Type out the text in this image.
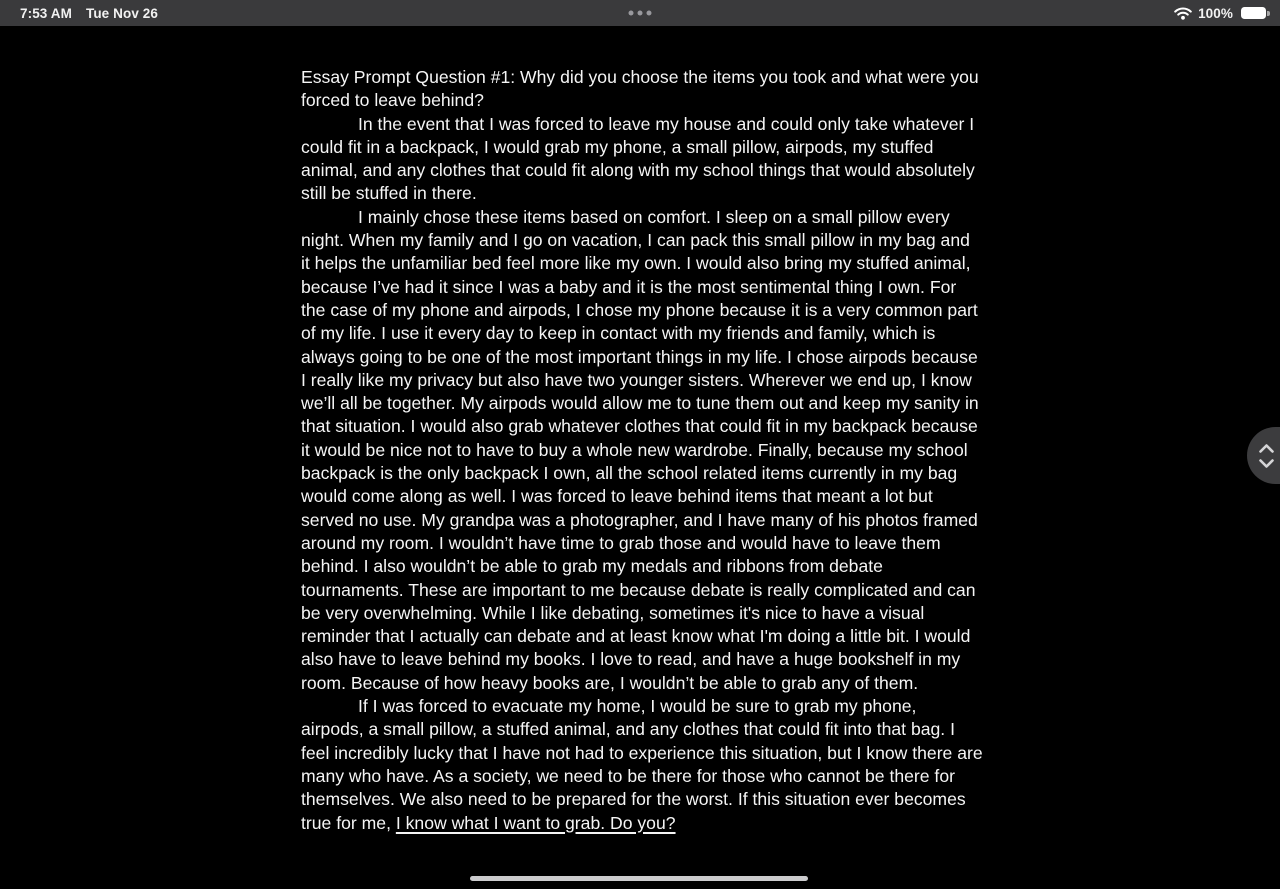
7:53 AM Tue Nov 26	100%

Essay Prompt Question #1: Why did you choose the items you took and what were you forced to leave behind?

In the event that I was forced to leave my house and could only take whatever I could fit in a backpack, I would grab my phone, a small pillow, airpods, my stuffed animal, and any clothes that could fit along with my school things that would absolutely still be stuffed in there.

I mainly chose these items based on comfort. I sleep on a small pillow every night. When my family and I go on vacation, I can pack this small pillow in my bag and it helps the unfamiliar bed feel more like my own. I would also bring my stuffed animal, because I’ve had it since I was a baby and it is the most sentimental thing I own. For the case of my phone and airpods, I chose my phone because it is a very common part of my life. I use it every day to keep in contact with my friends and family, which is always going to be one of the most important things in my life. I chose airpods because I really like my privacy but also have two younger sisters. Wherever we end up, I know we’ll all be together. My airpods would allow me to tune them out and keep my sanity in that situation. I would also grab whatever clothes that could fit in my backpack because it would be nice not to have to buy a whole new wardrobe. Finally, because my school backpack is the only backpack I own, all the school related items currently in my bag would come along as well. I was forced to leave behind items that meant a lot but served no use. My grandpa was a photographer, and I have many of his photos framed around my room. I wouldn’t have time to grab those and would have to leave them behind. I also wouldn’t be able to grab my medals and ribbons from debate tournaments. These are important to me because debate is really complicated and can be very overwhelming. While I like debating, sometimes it's nice to have a visual reminder that I actually can debate and at least know what I'm doing a little bit. I would also have to leave behind my books. I love to read, and have a huge bookshelf in my room. Because of how heavy books are, I wouldn’t be able to grab any of them.

If I was forced to evacuate my home, I would be sure to grab my phone, airpods, a small pillow, a stuffed animal, and any clothes that could fit into that bag. I feel incredibly lucky that I have not had to experience this situation, but I know there are many who have. As a society, we need to be there for those who cannot be there for themselves. We also need to be prepared for the worst. If this situation ever becomes true for me, I know what I want to grab. Do you?
